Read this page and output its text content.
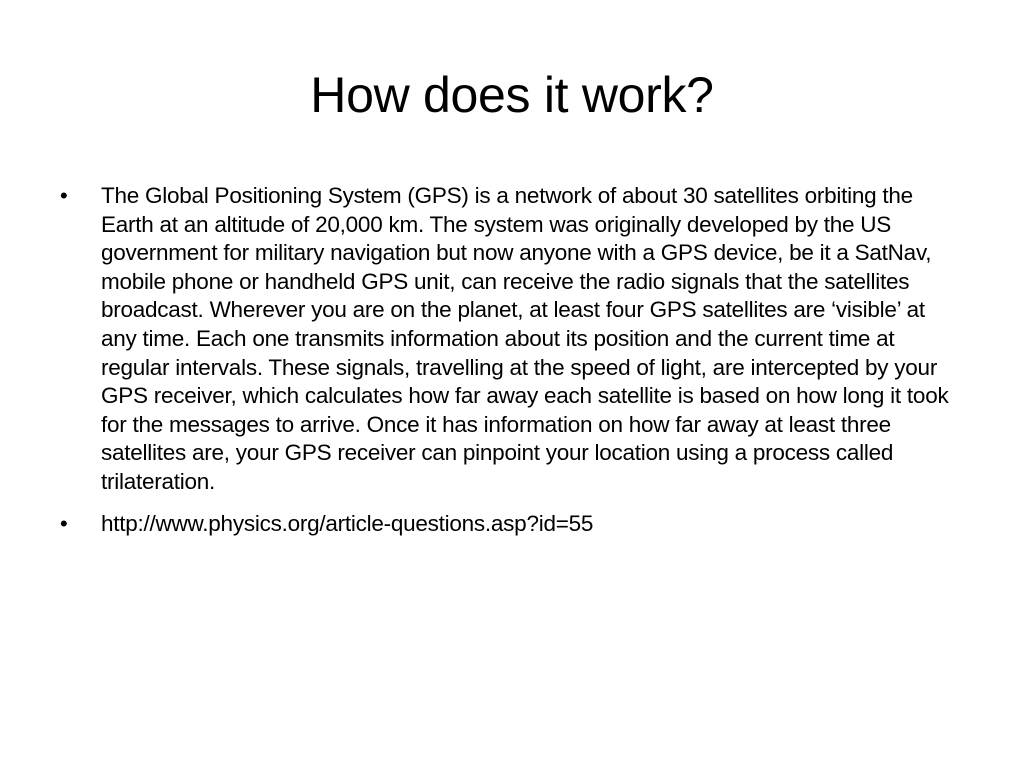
How does it work?
•	The Global Positioning System (GPS) is a network of about 30 satellites orbiting the Earth at an altitude of 20,000 km. The system was originally developed by the US government for military navigation but now anyone with a GPS device, be it a SatNav, mobile phone or handheld GPS unit, can receive the radio signals that the satellites broadcast. Wherever you are on the planet, at least four GPS satellites are ‘visible’ at any time. Each one transmits information about its position and the current time at regular intervals. These signals, travelling at the speed of light, are intercepted by your GPS receiver, which calculates how far away each satellite is based on how long it took for the messages to arrive. Once it has information on how far away at least three satellites are, your GPS receiver can pinpoint your location using a process called trilateration.
•	http://www.physics.org/article-questions.asp?id=55
